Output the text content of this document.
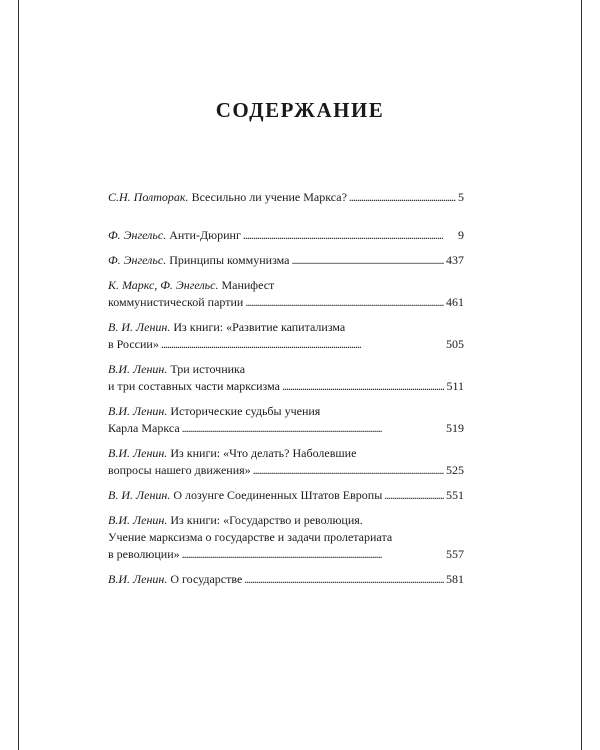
СОДЕРЖАНИЕ
С.Н. Полторак.
Всесильно ли учение Маркса? . . .	5
Ф. Энгельс.
Анти-Дюринг . . .	9
Ф. Энгельс.
Принципы коммунизма . . .	437
К. Маркс, Ф. Энгельс.
Манифест
коммунистической партии . . .	461
В. И. Ленин.
Из книги: «Развитие капитализма
в России» . . .	505
В.И. Ленин.
Три источника
и три составных части марксизма . . .	511
В.И. Ленин.
Исторические судьбы учения
Карла Маркса . . .	519
В.И. Ленин.
Из книги: «Что делать? Наболевшие
вопросы нашего движения» . . .	525
В. И. Ленин.
О лозунге Соединенных Штатов Европы . . .	551
В.И. Ленин.
Из книги: «Государство и революция.
Учение марксизма о государстве и задачи пролетариата
в революции» . . .	557
В.И. Ленин.
О государстве . . .	581
